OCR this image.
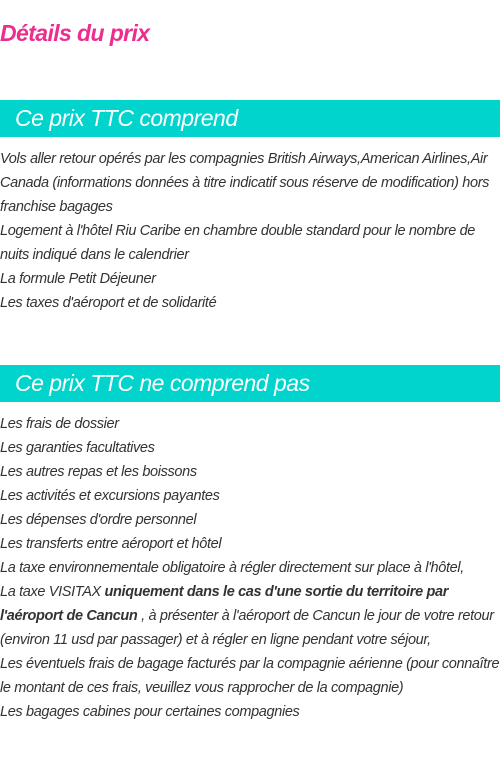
Détails du prix
Ce prix TTC comprend
Vols aller retour opérés par les compagnies British Airways,American Airlines,Air Canada (informations données à titre indicatif sous réserve de modification) hors franchise bagages
Logement à l'hôtel Riu Caribe en chambre double standard pour le nombre de nuits indiqué dans le calendrier
La formule Petit Déjeuner
Les taxes d'aéroport et de solidarité
Ce prix TTC ne comprend pas
Les frais de dossier
Les garanties facultatives
Les autres repas et les boissons
Les activités et excursions payantes
Les dépenses d'ordre personnel
Les transferts entre aéroport et hôtel
La taxe environnementale obligatoire à régler directement sur place à l'hôtel,
La taxe VISITAX uniquement dans le cas d'une sortie du territoire par l'aéroport de Cancun , à présenter à l'aéroport de Cancun le jour de votre retour (environ 11 usd par passager) et à régler en ligne pendant votre séjour,
Les éventuels frais de bagage facturés par la compagnie aérienne (pour connaître le montant de ces frais, veuillez vous rapprocher de la compagnie)
Les bagages cabines pour certaines compagnies
